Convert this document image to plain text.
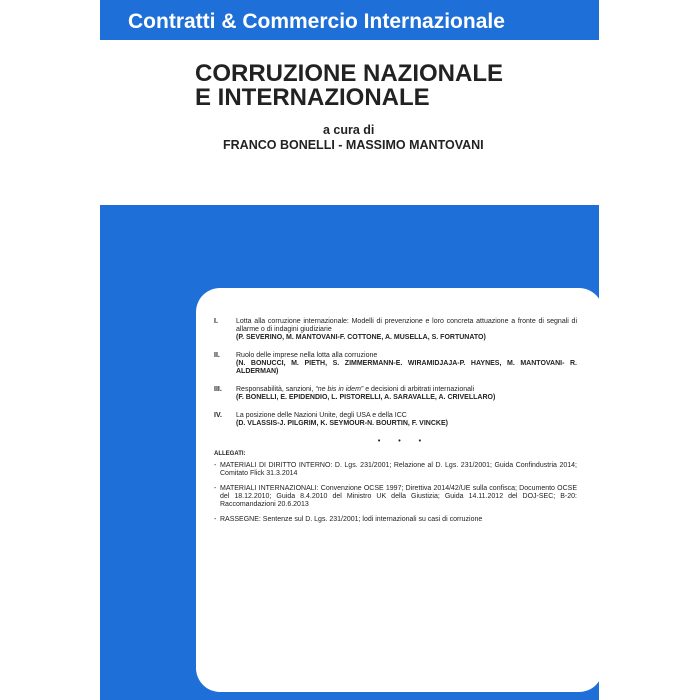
Contratti & Commercio Internazionale
CORRUZIONE NAZIONALE
E INTERNAZIONALE
a cura di
FRANCO BONELLI - MASSIMO MANTOVANI
I.	Lotta alla corruzione internazionale: Modelli di prevenzione e loro concreta attuazione a fronte di segnali di allarme o di indagini giudiziarie
(P. SEVERINO, M. MANTOVANI-F. COTTONE, A. MUSELLA, S. FORTUNATO)
II.	Ruolo delle imprese nella lotta alla corruzione
(N. BONUCCI, M. PIETH, S. ZIMMERMANN-E. WIRAMIDJAJA-P. HAYNES, M. MANTOVANI- R. ALDERMAN)
III.	Responsabilità, sanzioni, “ne bis in idem” e decisioni di arbitrati internazionali
(F. BONELLI, E. EPIDENDIO, L. PISTORELLI, A. SARAVALLE, A. CRIVELLARO)
IV.	La posizione delle Nazioni Unite, degli USA e della ICC
(D. VLASSIS-J. PILGRIM, K. SEYMOUR-N. BOURTIN, F. VINCKE)
• • •
ALLEGATI:
- MATERIALI DI DIRITTO INTERNO: D. Lgs. 231/2001; Relazione al D. Lgs. 231/2001; Guida Confindustria 2014; Comitato Flick 31.3.2014
- MATERIALI INTERNAZIONALI: Convenzione OCSE 1997; Direttiva 2014/42/UE sulla confisca; Documento OCSE del 18.12.2010; Guida 8.4.2010 del Ministro UK della Giustizia; Guida 14.11.2012 del DOJ-SEC; B-20: Raccomandazioni 20.6.2013
- RASSEGNE: Sentenze sul D. Lgs. 231/2001; lodi internazionali su casi di corruzione
GIUFFRÈ EDITORE
